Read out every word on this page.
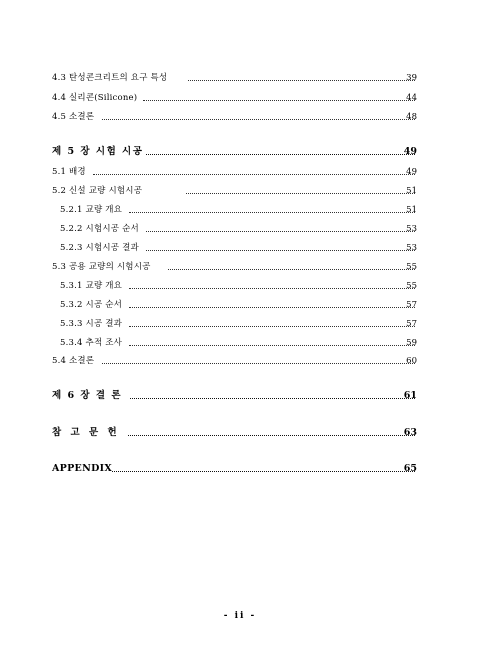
4.3 탄성콘크리트의 요구 특성	39
4.4 실리콘(Silicone)	44
4.5 소결론	48
제 5 장 시험 시공	49
5.1 배경	49
5.2 신설 교량 시험시공	51
5.2.1 교량 개요	51
5.2.2 시험시공 순서	53
5.2.3 시험시공 결과	53
5.3 공용 교량의 시험시공	55
5.3.1 교량 개요	55
5.3.2 시공 순서	57
5.3.3 시공 결과	57
5.3.4 추적 조사	59
5.4 소결론	60
제 6 장 결 론	61
참 고 문 헌	63
APPENDIX	65
- ii -
